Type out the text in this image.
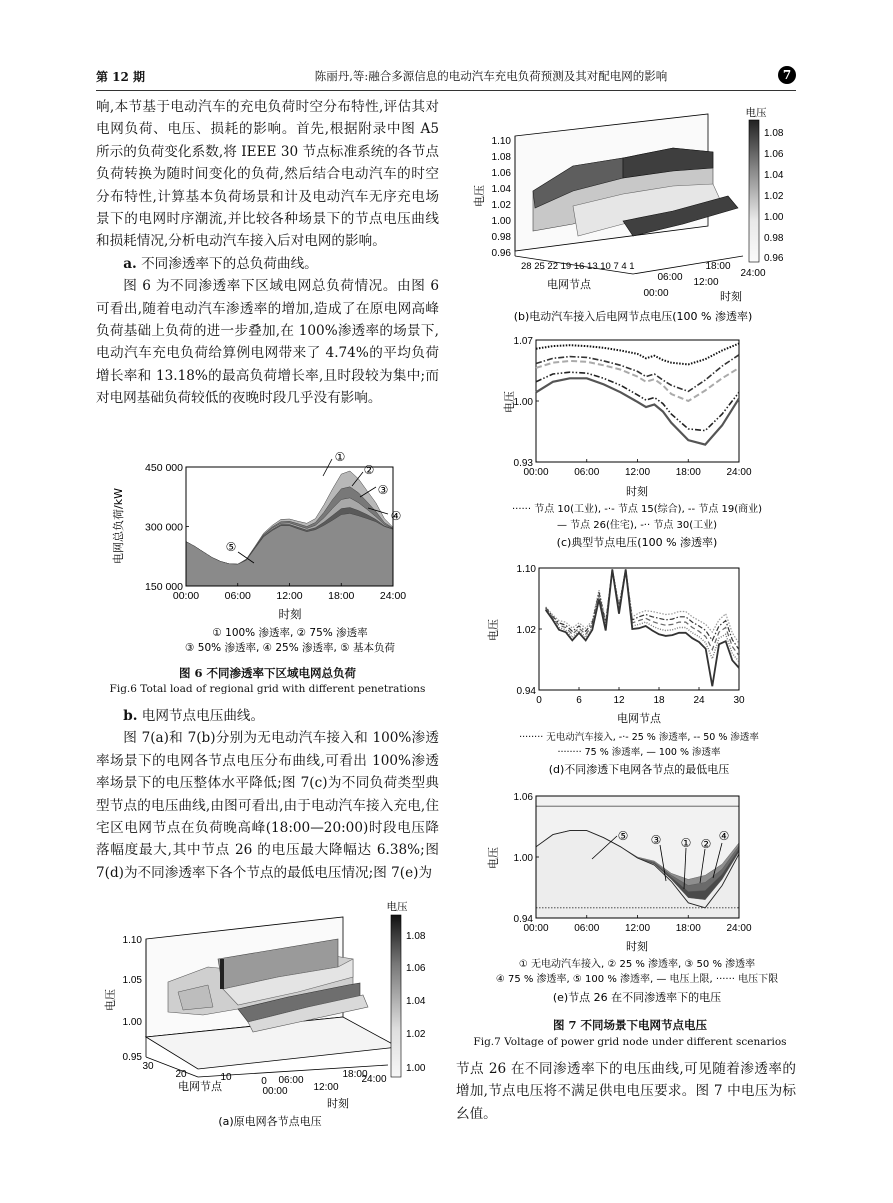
第 12 期	陈丽丹,等:融合多源信息的电动汽车充电负荷预测及其对配电网的影响	7

响,本节基于电动汽车的充电负荷时空分布特性,评估其对电网负荷、电压、损耗的影响。首先,根据附录中图 A5 所示的负荷变化系数,将 IEEE 30 节点标准系统的各节点负荷转换为随时间变化的负荷,然后结合电动汽车的时空分布特性,计算基本负荷场景和计及电动汽车无序充电场景下的电网时序潮流,并比较各种场景下的节点电压曲线和损耗情况,分析电动汽车接入后对电网的影响。

a. 不同渗透率下的总负荷曲线。

图 6 为不同渗透率下区域电网总负荷情况。由图 6 可看出,随着电动汽车渗透率的增加,造成了在原电网高峰负荷基础上负荷的进一步叠加,在 100%渗透率的场景下,电动汽车充电负荷给算例电网带来了 4.74%的平均负荷增长率和 13.18%的最高负荷增长率,且时段较为集中;而对电网基础负荷较低的夜晚时段几乎没有影响。

00:00 06:00 12:00 18:00 24:00
150 000
300 000
450 000
电网总负荷/kW
时刻
①
②
③
④
⑤
① 100% 渗透率, ② 75% 渗透率
③ 50% 渗透率, ④ 25% 渗透率, ⑤ 基本负荷
图 6 不同渗透率下区域电网总负荷
Fig.6 Total load of regional grid with different penetrations

b. 电网节点电压曲线。

图 7(a)和 7(b)分别为无电动汽车接入和 100%渗透率场景下的电网各节点电压分布曲线,可看出 100%渗透率场景下的电压整体水平降低;图 7(c)为不同负荷类型典型节点的电压曲线,由图可看出,由于电动汽车接入充电,住宅区电网节点在负荷晚高峰(18:00—20:00)时段电压降落幅度最大,其中节点 26 的电压最大降幅达 6.38%;图 7(d)为不同渗透率下各个节点的最低电压情况;图 7(e)为

1.10
1.05
1.00
0.95
电压
30
20	10	0
电网节点	00:00
06:00
12:00
18:00
24:00
时刻
电压
1.08
1.06
1.04
1.02
1.00
(a)原电网各节点电压
1.10
1.08
1.06
1.04
1.02
1.00
0.98
0.96
电压
28 25 22 19 16 13 10 7 4 1
电网节点
00:00
06:00 12:00
18:00
24:00
时刻
电压
1.08
1.06
1.04
1.02
1.00
0.98
0.96
(b)电动汽车接入后电网节点电压(100 % 渗透率)
00:00	06:00	12:00	18:00	24:00
0.93
1.00
1.07
电压
时刻
······ 节点 10(工业), -·- 节点 15(综合), -- 节点 19(商业)
— 节点 26(住宅), -·· 节点 30(工业)
(c)典型节点电压(100 % 渗透率)
0	6	12	18	24	30
0.94
1.02
1.10
电压
电网节点
········ 无电动汽车接入, -·- 25 % 渗透率, -- 50 % 渗透率
········ 75 % 渗透率, — 100 % 渗透率
(d)不同渗透下电网各节点的最低电压
00:00	06:00	12:00	18:00	24:00
0.94
1.00
1.06
⑤ ③ ① ②
④
电压
时刻
① 无电动汽车接入, ② 25 % 渗透率, ③ 50 % 渗透率
④ 75 % 渗透率, ⑤ 100 % 渗透率, — 电压上限, ······ 电压下限
(e)节点 26 在不同渗透率下的电压
图 7 不同场景下电网节点电压
Fig.7 Voltage of power grid node under different scenarios

节点 26 在不同渗透率下的电压曲线,可见随着渗透率的增加,节点电压将不满足供电电压要求。图 7 中电压为标幺值。
